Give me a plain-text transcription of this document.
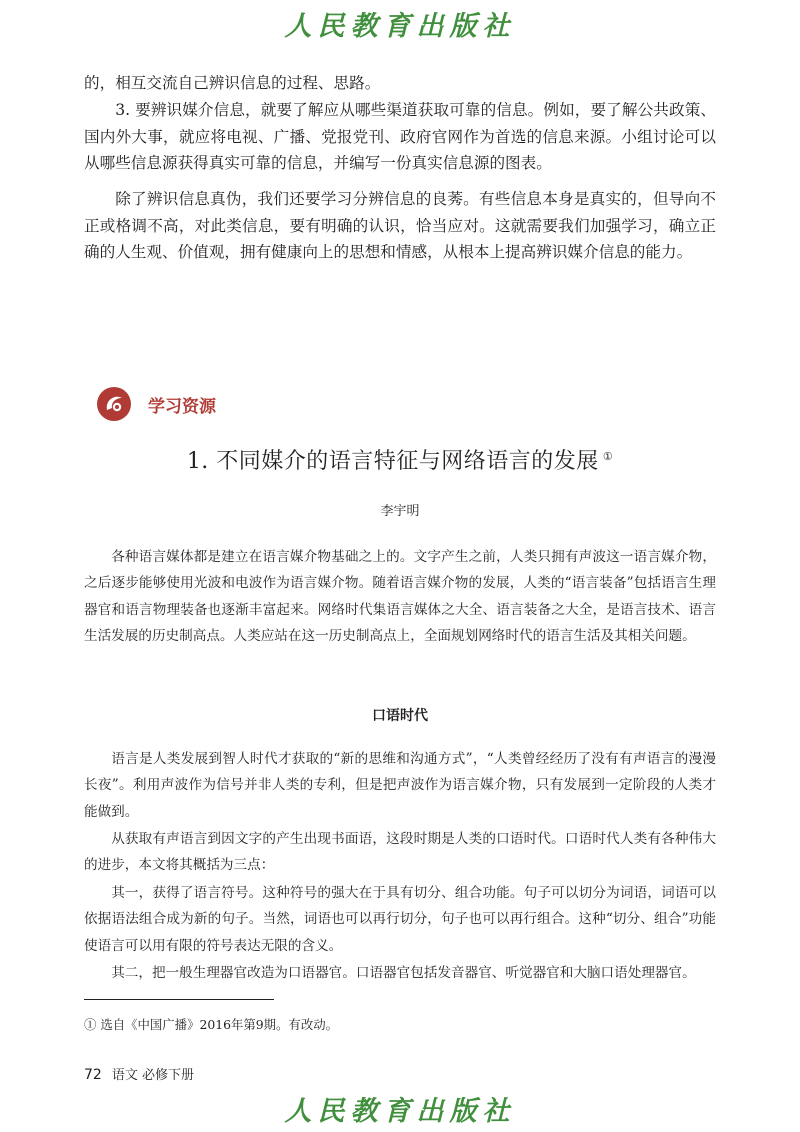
人民教育出版社

的，相互交流自己辨识信息的过程、思路。

3. 要辨识媒介信息，就要了解应从哪些渠道获取可靠的信息。例如，要了解公共政策、国内外大事，就应将电视、广播、党报党刊、政府官网作为首选的信息来源。小组讨论可以从哪些信息源获得真实可靠的信息，并编写一份真实信息源的图表。

除了辨识信息真伪，我们还要学习分辨信息的良莠。有些信息本身是真实的，但导向不正或格调不高，对此类信息，要有明确的认识，恰当应对。这就需要我们加强学习，确立正确的人生观、价值观，拥有健康向上的思想和情感，从根本上提高辨识媒介信息的能力。

学习资源
1. 不同媒介的语言特征与网络语言的发展 ①
李宇明

各种语言媒体都是建立在语言媒介物基础之上的。文字产生之前，人类只拥有声波这一语言媒介物，之后逐步能够使用光波和电波作为语言媒介物。随着语言媒介物的发展，人类的“语言装备”包括语言生理器官和语言物理装备也逐渐丰富起来。网络时代集语言媒体之大全、语言装备之大全，是语言技术、语言生活发展的历史制高点。人类应站在这一历史制高点上，全面规划网络时代的语言生活及其相关问题。

口语时代

语言是人类发展到智人时代才获取的“新的思维和沟通方式”，“人类曾经经历了没有有声语言的漫漫长夜”。利用声波作为信号并非人类的专利，但是把声波作为语言媒介物，只有发展到一定阶段的人类才能做到。

从获取有声语言到因文字的产生出现书面语，这段时期是人类的口语时代。口语时代人类有各种伟大的进步，本文将其概括为三点：

其一，获得了语言符号。这种符号的强大在于具有切分、组合功能。句子可以切分为词语，词语可以依据语法组合成为新的句子。当然，词语也可以再行切分，句子也可以再行组合。这种“切分、组合”功能使语言可以用有限的符号表达无限的含义。

其二，把一般生理器官改造为口语器官。口语器官包括发音器官、听觉器官和大脑口语处理器官。

① 选自《中国广播》2016年第9期。有改动。
72 语文 必修下册
人民教育出版社
